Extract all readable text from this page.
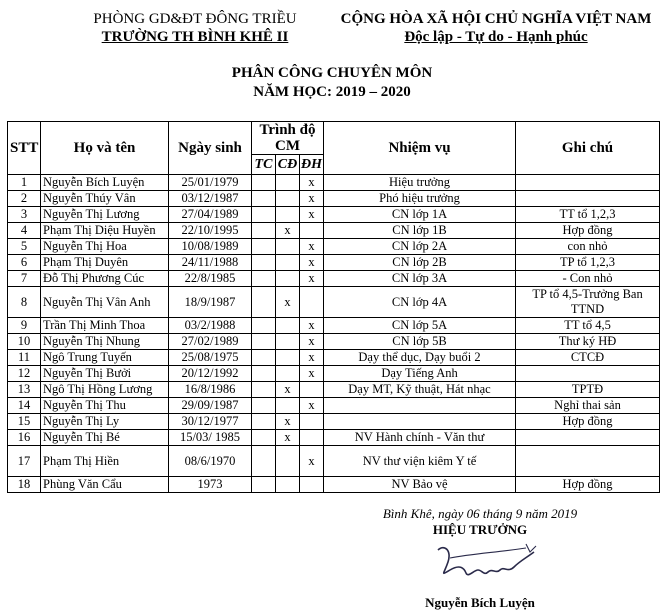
PHÒNG GD&ĐT ĐÔNG TRIỀU
TRƯỜNG TH BÌNH KHÊ II
CỘNG HÒA XÃ HỘI CHỦ NGHĨA VIỆT NAM
Độc lập - Tự do - Hạnh phúc
PHÂN CÔNG CHUYÊN MÔN
NĂM HỌC: 2019 – 2020
STT	Họ và tên	Ngày sinh	Trình độ CM			Nhiệm vụ	Ghi chú
			TC	CĐ	ĐH		
1	Nguyễn Bích Luyện	25/01/1979			x	Hiệu trưởng	
2	Nguyễn Thúy Vân	03/12/1987			x	Phó hiệu trưởng	
3	Nguyễn Thị Lương	27/04/1989			x	CN lớp 1A	TT tổ 1,2,3
4	Phạm Thị Diệu Huyền	22/10/1995		x		CN lớp 1B	Hợp đồng
5	Nguyễn Thị Hoa	10/08/1989			x	CN lớp 2A	con nhỏ
6	Phạm Thị Duyên	24/11/1988			x	CN lớp 2B	TP tổ 1,2,3
7	Đỗ Thị Phương Cúc	22/8/1985			x	CN lớp 3A	- Con nhỏ
8	Nguyễn Thị Vân Anh	18/9/1987		x		CN lớp 4A	TP tổ 4,5-Trưởng Ban TTND
9	Trần Thị Minh Thoa	03/2/1988			x	CN lớp 5A	TT tổ 4,5
10	Nguyễn Thị Nhung	27/02/1989			x	CN lớp 5B	Thư ký HĐ
11	Ngô Trung Tuyến	25/08/1975			x	Dạy thể dục, Dạy buổi 2	CTCĐ
12	Nguyễn Thị Bưởi	20/12/1992			x	Dạy Tiếng Anh	
13	Ngô Thị Hồng Lương	16/8/1986		x		Dạy MT, Kỹ thuật, Hát nhạc	TPTĐ
14	Nguyễn Thị Thu	29/09/1987			x		Nghỉ thai sản
15	Nguyễn Thị Ly	30/12/1977		x			Hợp đồng
16	Nguyễn Thị Bé	15/03/ 1985		x		NV Hành chính - Văn thư	
17	Phạm Thị Hiền	08/6/1970			x	NV thư viện kiêm Y tế	
18	Phùng Văn Cẩu	1973				NV Bảo vệ	Hợp đồng
Bình Khê, ngày 06 tháng 9 năm 2019
HIỆU TRƯỞNG
Nguyễn Bích Luyện
